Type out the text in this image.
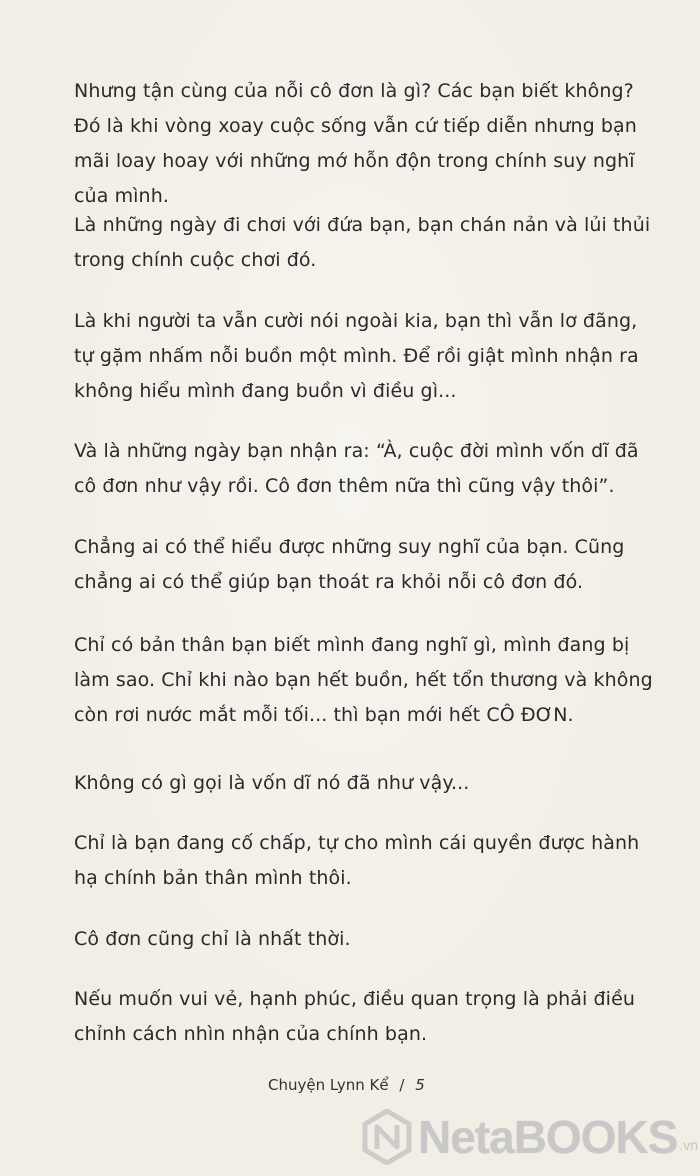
Nhưng tận cùng của nỗi cô đơn là gì? Các bạn biết không? Đó là khi vòng xoay cuộc sống vẫn cứ tiếp diễn nhưng bạn mãi loay hoay với những mớ hỗn độn trong chính suy nghĩ của mình.

Là những ngày đi chơi với đứa bạn, bạn chán nản và lủi thủi trong chính cuộc chơi đó.

Là khi người ta vẫn cười nói ngoài kia, bạn thì vẫn lơ đãng, tự gặm nhấm nỗi buồn một mình. Để rồi giật mình nhận ra không hiểu mình đang buồn vì điều gì...

Và là những ngày bạn nhận ra: “À, cuộc đời mình vốn dĩ đã cô đơn như vậy rồi. Cô đơn thêm nữa thì cũng vậy thôi”.

Chẳng ai có thể hiểu được những suy nghĩ của bạn. Cũng chẳng ai có thể giúp bạn thoát ra khỏi nỗi cô đơn đó.

Chỉ có bản thân bạn biết mình đang nghĩ gì, mình đang bị làm sao. Chỉ khi nào bạn hết buồn, hết tổn thương và không còn rơi nước mắt mỗi tối... thì bạn mới hết CÔ ĐƠN.

Không có gì gọi là vốn dĩ nó đã như vậy...

Chỉ là bạn đang cố chấp, tự cho mình cái quyền được hành hạ chính bản thân mình thôi.

Cô đơn cũng chỉ là nhất thời.

Nếu muốn vui vẻ, hạnh phúc, điều quan trọng là phải điều chỉnh cách nhìn nhận của chính bạn.

Chuyện Lynn Kể / 5
NetaBOOKS .vn
